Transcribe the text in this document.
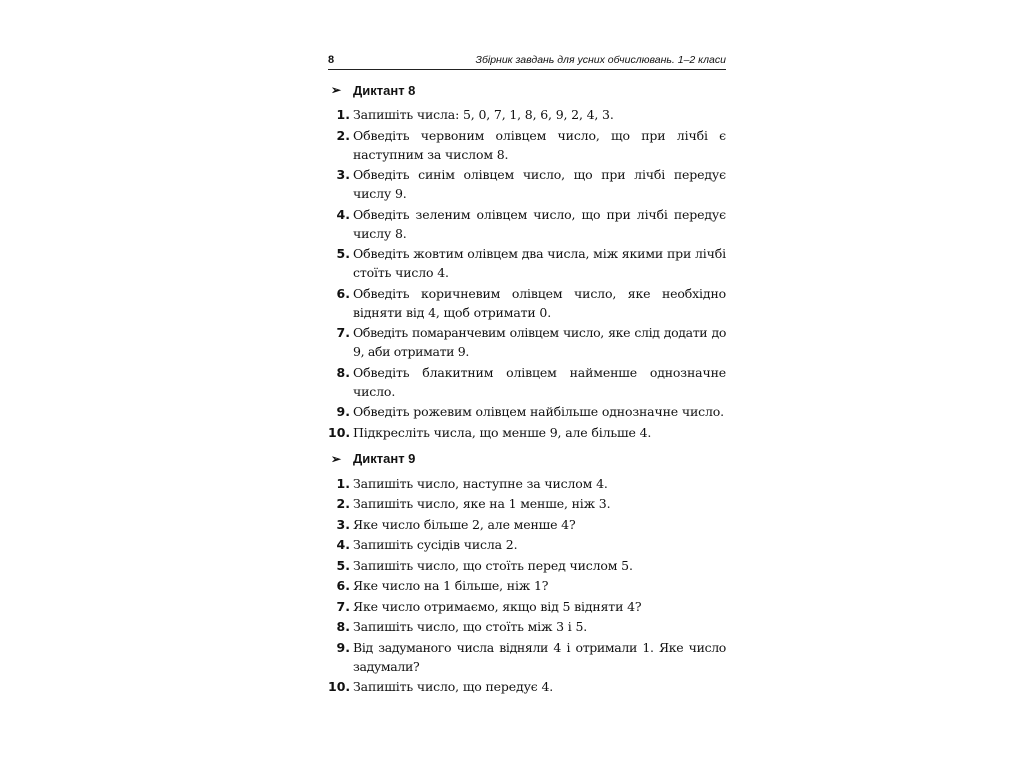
8	Збірник завдань для усних обчислювань. 1–2 класи
➢ Диктант 8
1. Запишіть числа: 5, 0, 7, 1, 8, 6, 9, 2, 4, 3.
2. Обведіть червоним олівцем число, що при лічбі є наступним за числом 8.
3. Обведіть синім олівцем число, що при лічбі передує числу 9.
4. Обведіть зеленим олівцем число, що при лічбі передує числу 8.
5. Обведіть жовтим олівцем два числа, між якими при лічбі стоїть число 4.
6. Обведіть коричневим олівцем число, яке необхідно відняти від 4, щоб отримати 0.
7. Обведіть помаранчевим олівцем число, яке слід додати до 9, аби отримати 9.
8. Обведіть блакитним олівцем найменше однозначне число.
9. Обведіть рожевим олівцем найбільше однозначне число.
10. Підкресліть числа, що менше 9, але більше 4.
➢ Диктант 9
1. Запишіть число, наступне за числом 4.
2. Запишіть число, яке на 1 менше, ніж 3.
3. Яке число більше 2, але менше 4?
4. Запишіть сусідів числа 2.
5. Запишіть число, що стоїть перед числом 5.
6. Яке число на 1 більше, ніж 1?
7. Яке число отримаємо, якщо від 5 відняти 4?
8. Запишіть число, що стоїть між 3 і 5.
9. Від задуманого числа відняли 4 і отримали 1. Яке число задумали?
10. Запишіть число, що передує 4.
